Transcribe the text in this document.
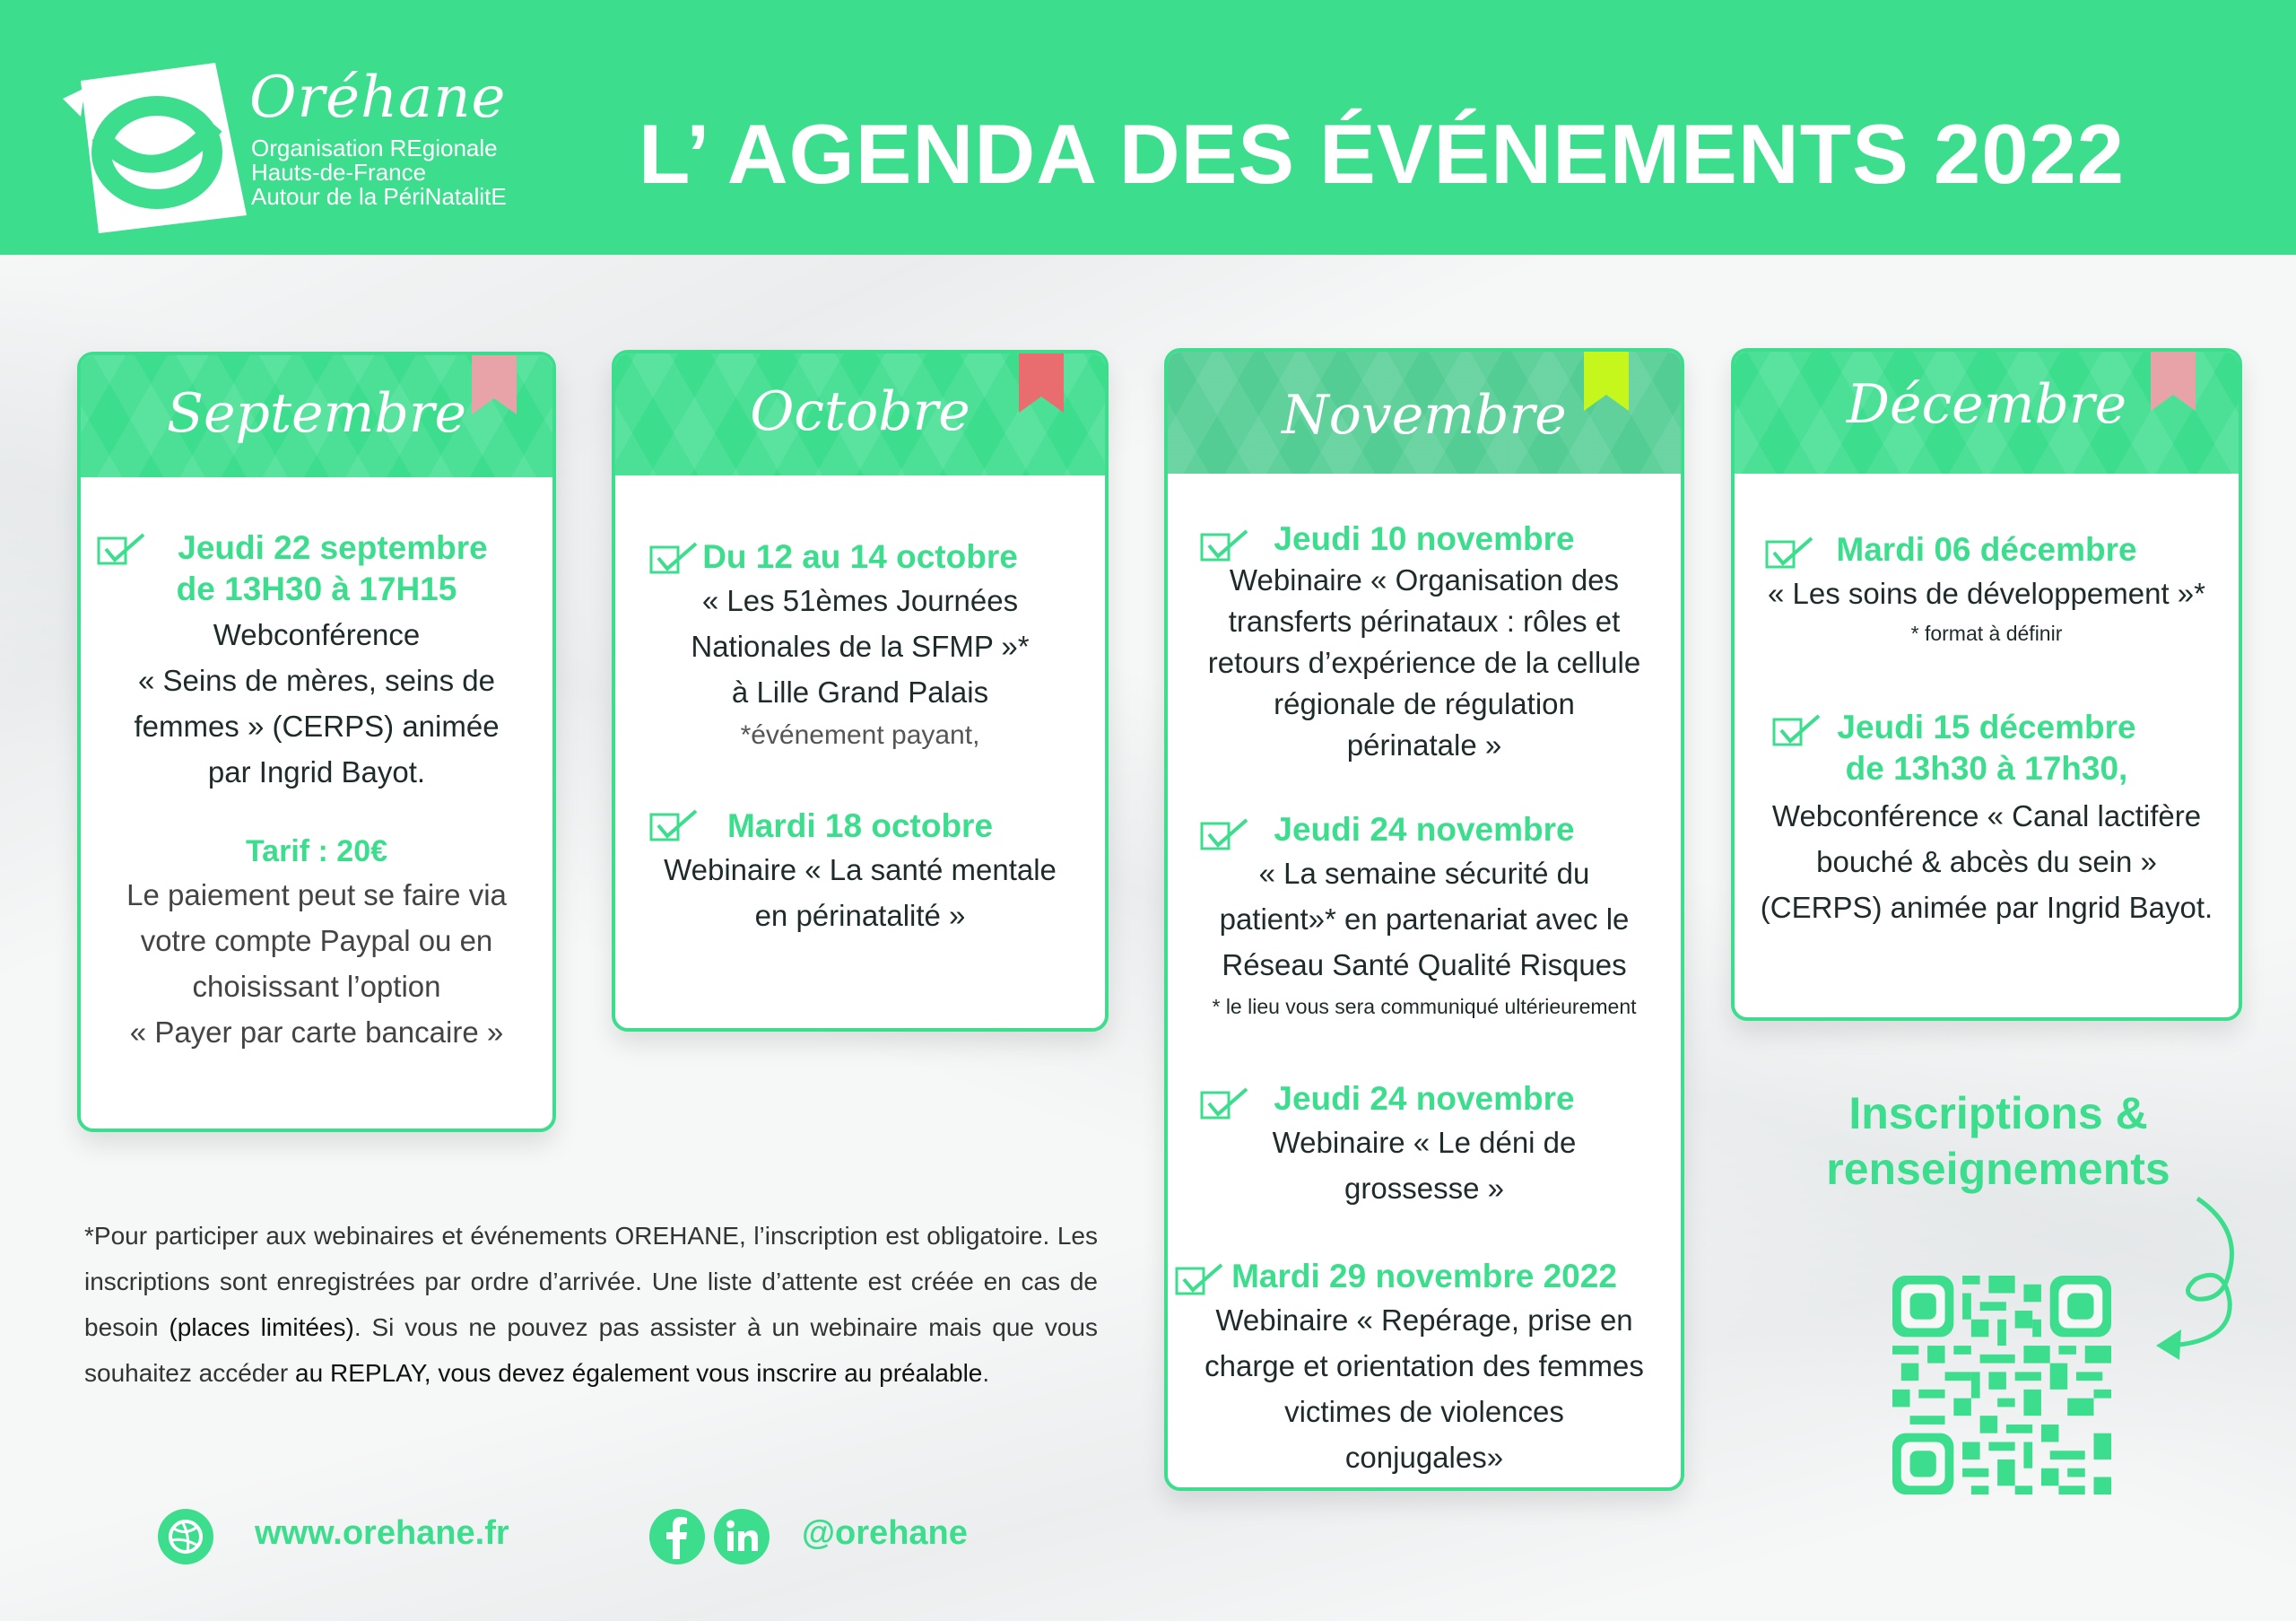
Oréhane
Organisation REgionale
Hauts-de-France
Autour de la PériNatalitE L’ AGENDA DES ÉVÉNEMENTS 2022
Septembre
Jeudi 22 septembre
de 13H30 à 17H15
Webconférence
« Seins de mères, seins de
femmes » (CERPS) animée
par Ingrid Bayot.
Tarif : 20€
Le paiement peut se faire via
votre compte Paypal ou en
choisissant l’option
« Payer par carte bancaire »
Octobre
Du 12 au 14 octobre
« Les 51èmes Journées
Nationales de la SFMP »*
à Lille Grand Palais
*événement payant,
Mardi 18 octobre
Webinaire « La santé mentale
en périnatalité »
Novembre
Jeudi 10 novembre
Webinaire « Organisation des
transferts périnataux : rôles et
retours d’expérience de la cellule
régionale de régulation
périnatale »
Jeudi 24 novembre
« La semaine sécurité du
patient»* en partenariat avec le
Réseau Santé Qualité Risques
* le lieu vous sera communiqué ultérieurement
Jeudi 24 novembre
Webinaire « Le déni de
grossesse »
Mardi 29 novembre 2022
Webinaire « Repérage, prise en
charge et orientation des femmes
victimes de violences
conjugales»
Décembre
Mardi 06 décembre
« Les soins de développement »*
* format à définir
Jeudi 15 décembre
de 13h30 à 17h30,
Webconférence « Canal lactifère
bouché & abcès du sein »
(CERPS) animée par Ingrid Bayot.
*Pour participer aux webinaires et événements OREHANE, l’inscription est obligatoire. Les inscriptions sont enregistrées par ordre d’arrivée. Une liste d’attente est créée en cas de besoin (places limitées). Si vous ne pouvez pas assister à un webinaire mais que vous souhaitez accéder au REPLAY, vous devez également vous inscrire au préalable.
Inscriptions &
renseignements
www.orehane.fr	@orehane
